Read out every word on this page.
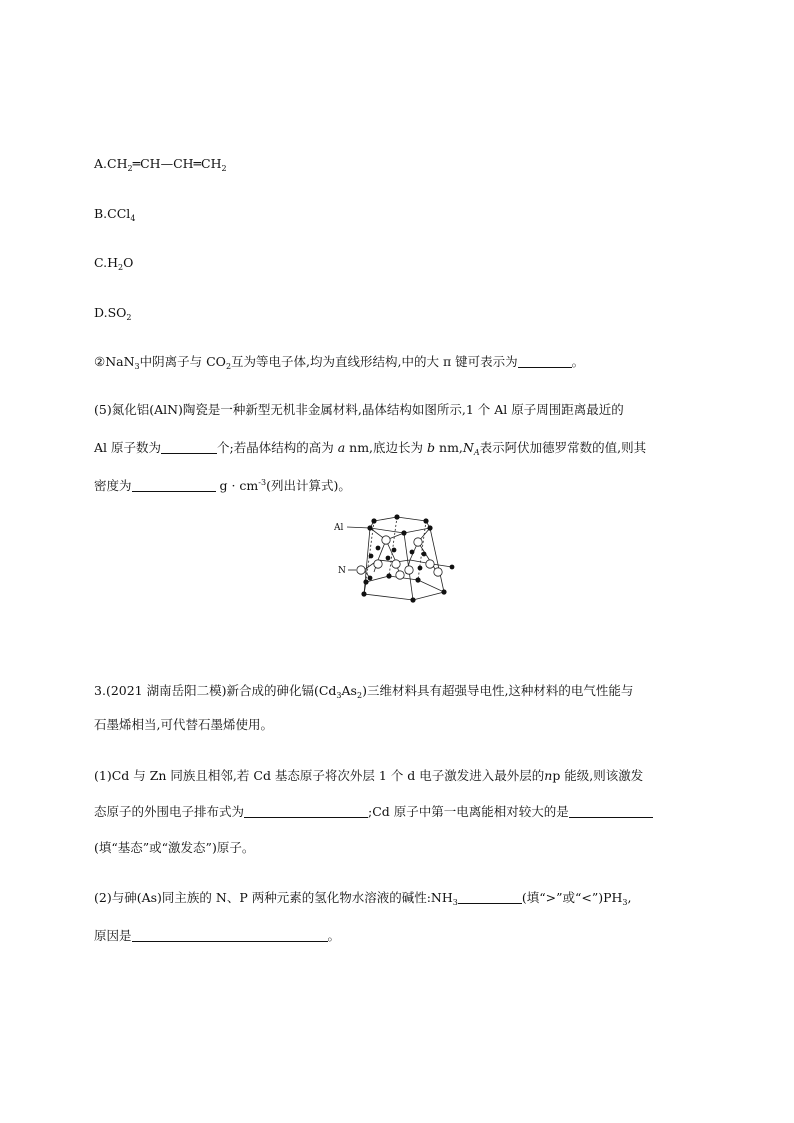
$A.CH_2═CH—CH═CH_2$
B.CCl$_4$
$C.H_2O$
$D.SO_2$
②NaN$_3$中阴离子与 $CO_2$互为等电子体,均为直线形结构,中的大 π 键可表示为	。
(5)氮化铝(AlN)陶瓷是一种新型无机非金属材料,晶体结构如图所示,1 个 Al 原子周围距离最近的
Al 原子数为	个;若晶体结构的高为 a nm,底边长为 b $nm,N_A$表示阿伏加德罗常数的值,则其
密度为	$g \cdot cm^{-3}$(列出计算式)。
Al
N
3.(2021 湖南岳阳二模)新合成的砷化镉$(Cd_3As_2)$三维材料具有超强导电性,这种材料的电气性能与
石墨烯相当,可代替石墨烯使用。
(1)Cd 与 Zn 同族且相邻,若 Cd 基态原子将次外层 1 个 d 电子激发进入最外层的np 能级,则该激发
态原子的外围电子排布式为	;Cd 原子中第一电离能相对较大的是
(填“基态”或“激发态”)原子。
(2)与砷(As)同主族的 N、P 两种元素的氢化物水溶液的碱性$:NH_3$	(填“>”或“$<”)PH_3$,
原因是	。
